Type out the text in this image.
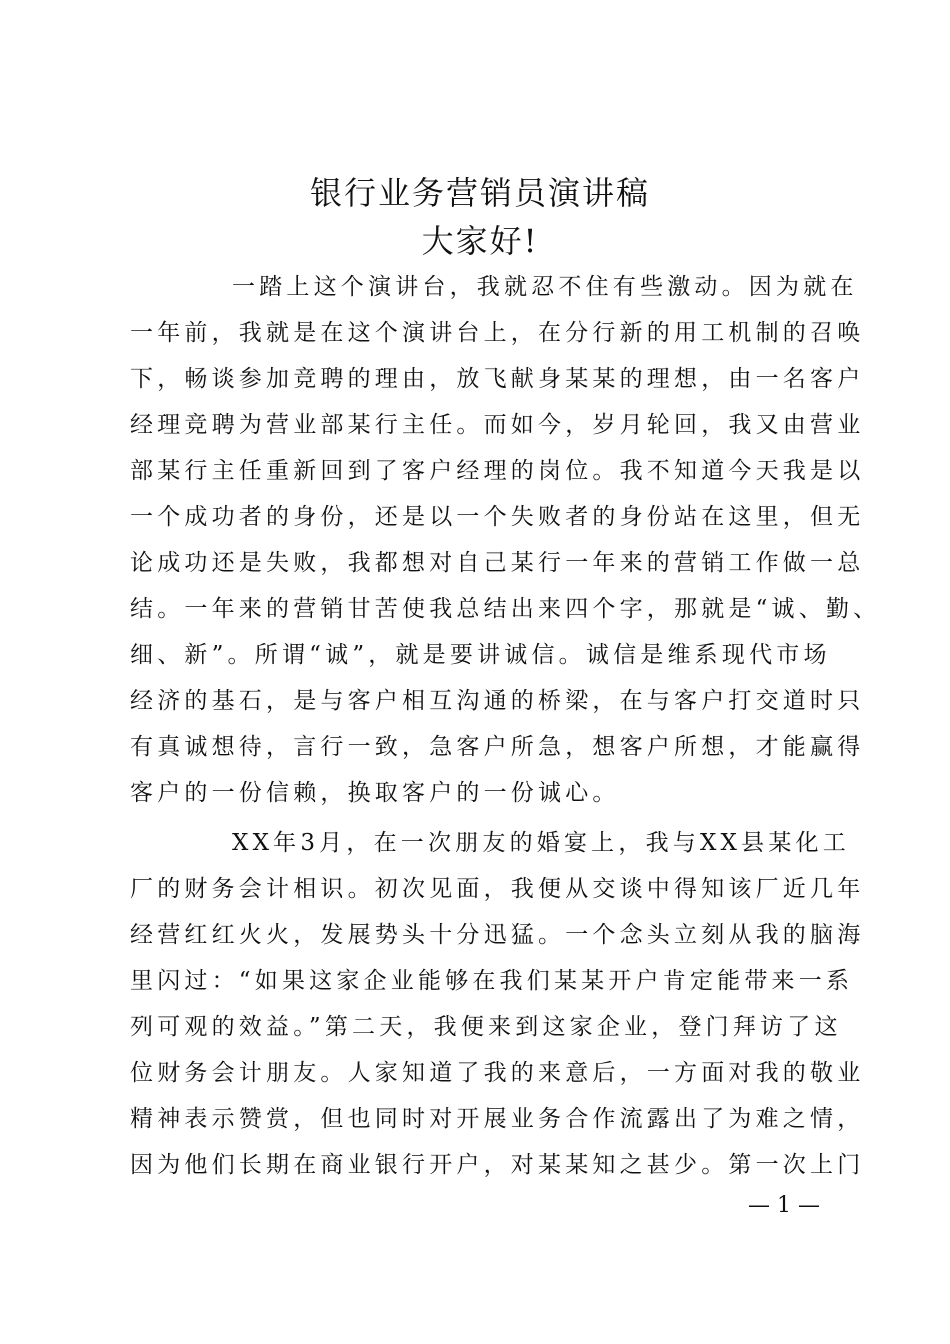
银行业务营销员演讲稿
大家好!
一踏上这个演讲台，我就忍不住有些激动。因为就在
一年前，我就是在这个演讲台上，在分行新的用工机制的召唤
下，畅谈参加竞聘的理由，放飞献身某某的理想，由一名客户
经理竞聘为营业部某行主任。而如今，岁月轮回，我又由营业
部某行主任重新回到了客户经理的岗位。我不知道今天我是以
一个成功者的身份，还是以一个失败者的身份站在这里，但无
论成功还是失败，我都想对自己某行一年来的营销工作做一总
结。一年来的营销甘苦使我总结出来四个字，那就是“诚、勤、
细、新”。所谓“诚”，就是要讲诚信。诚信是维系现代市场
经济的基石，是与客户相互沟通的桥梁，在与客户打交道时只
有真诚想待，言行一致，急客户所急，想客户所想，才能赢得
客户的一份信赖，换取客户的一份诚心。
XX年3月，在一次朋友的婚宴上，我与XX县某化工
厂的财务会计相识。初次见面，我便从交谈中得知该厂近几年
经营红红火火，发展势头十分迅猛。一个念头立刻从我的脑海
里闪过：“如果这家企业能够在我们某某开户肯定能带来一系
列可观的效益。”第二天，我便来到这家企业，登门拜访了这
位财务会计朋友。人家知道了我的来意后，一方面对我的敬业
精神表示赞赏，但也同时对开展业务合作流露出了为难之情，
因为他们长期在商业银行开户，对某某知之甚少。第一次上门
— 1 —
